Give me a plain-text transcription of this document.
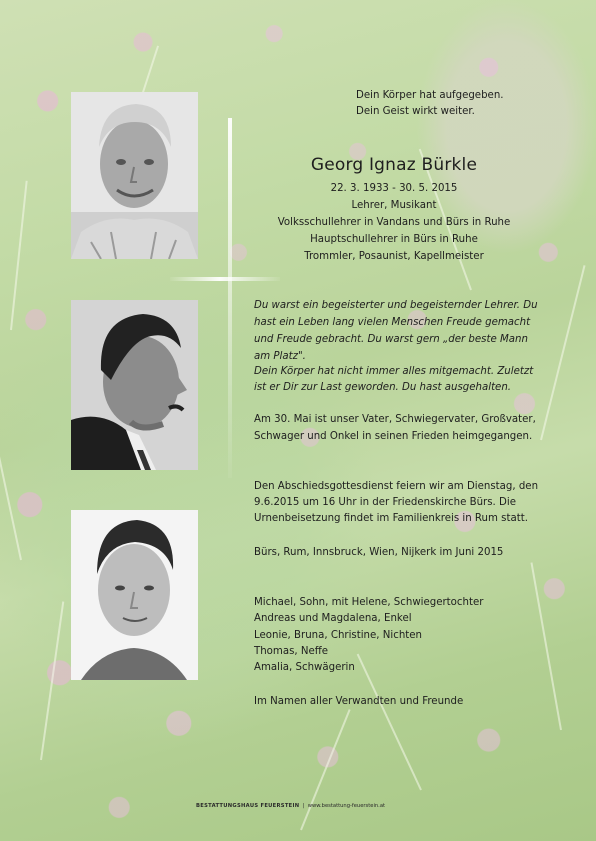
Dein Körper hat aufgegeben.
Dein Geist wirkt weiter.
Georg Ignaz Bürkle
22. 3. 1933 - 30. 5. 2015
Lehrer, Musikant
Volksschullehrer in Vandans und Bürs in Ruhe
Hauptschullehrer in Bürs in Ruhe
Trommler, Posaunist, Kapellmeister
Du warst ein begeisterter und begeisternder Lehrer. Du
hast ein Leben lang vielen Menschen Freude gemacht
und Freude gebracht. Du warst gern „der beste Mann
am Platz".
Dein Körper hat nicht immer alles mitgemacht. Zuletzt
ist er Dir zur Last geworden. Du hast ausgehalten.
Am 30. Mai ist unser Vater, Schwiegervater, Großvater,
Schwager und Onkel in seinen Frieden heimgegangen.
Den Abschiedsgottesdienst feiern wir am Dienstag, den
9.6.2015 um 16 Uhr in der Friedenskirche Bürs. Die
Urnenbeisetzung findet im Familienkreis in Rum statt.
Bürs, Rum, Innsbruck, Wien, Nijkerk im Juni 2015
Michael, Sohn, mit Helene, Schwiegertochter
Andreas und Magdalena, Enkel
Leonie, Bruna, Christine, Nichten
Thomas, Neffe
Amalia, Schwägerin
Im Namen aller Verwandten und Freunde
BESTATTUNGSHAUS FEUERSTEIN | www.bestattung-feuerstein.at
